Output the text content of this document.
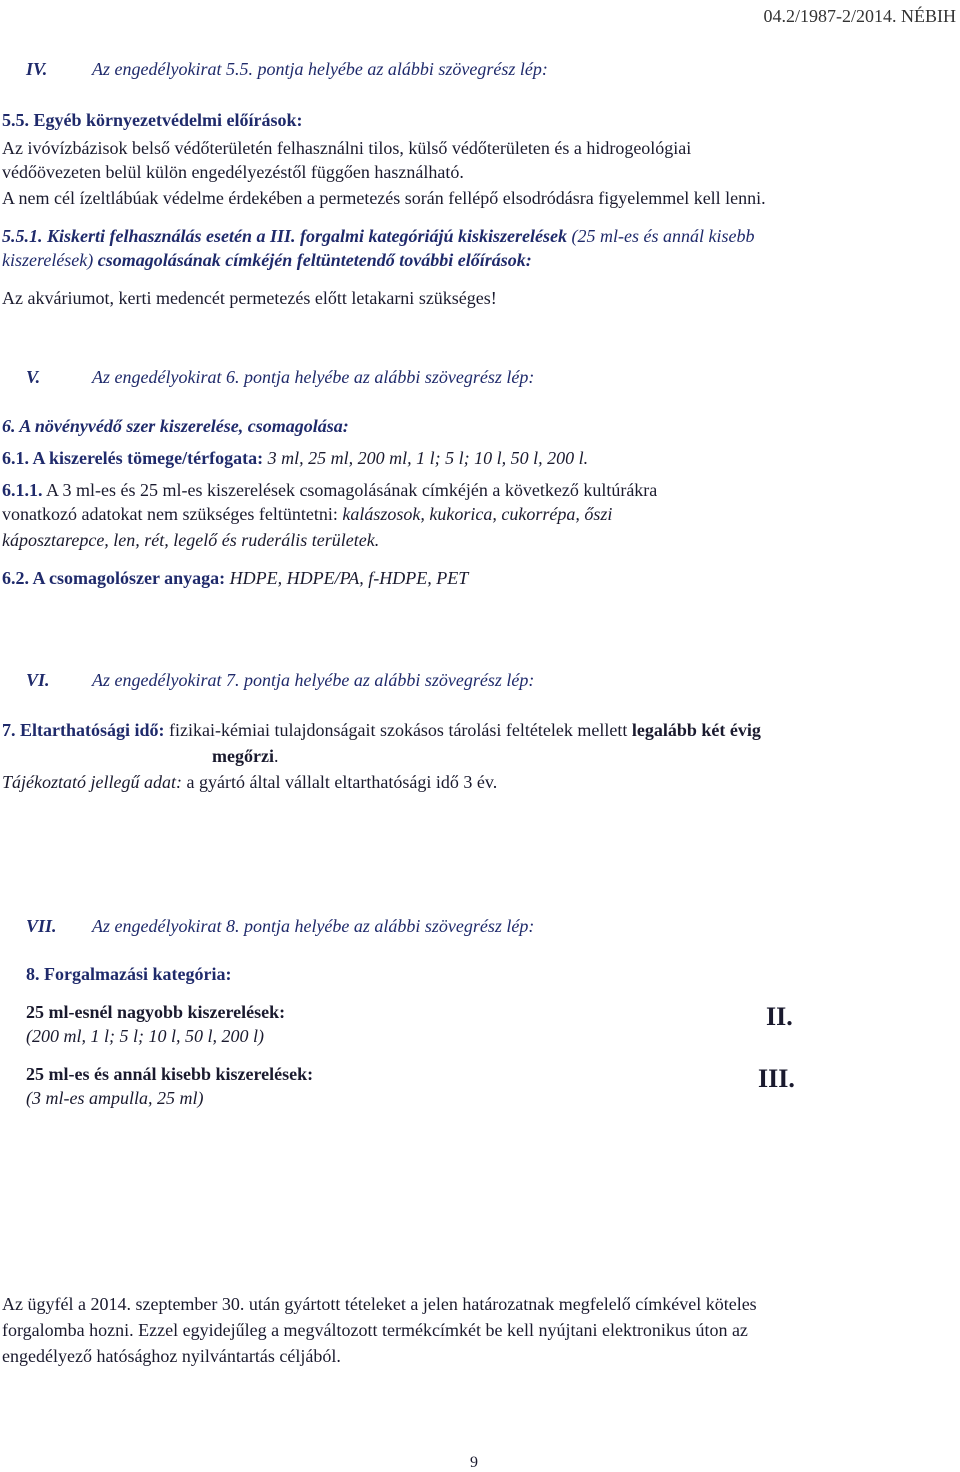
04.2/1987-2/2014. NÉBIH
IV. Az engedélyokirat 5.5. pontja helyébe az alábbi szövegrész lép:
5.5. Egyéb környezetvédelmi előírások:
Az ivóvízbázisok belső védőterületén felhasználni tilos, külső védőterületen és a hidrogeológiai
védőövezeten belül külön engedélyezéstől függően használható.
A nem cél ízeltlábúak védelme érdekében a permetezés során fellépő elsodródásra figyelemmel kell lenni.
5.5.1. Kiskerti felhasználás esetén a III. forgalmi kategóriájú kiskiszerelések (25 ml-es és annál kisebb
kiszerelések) csomagolásának címkéjén feltüntetendő további előírások:
Az akváriumot, kerti medencét permetezés előtt letakarni szükséges!
V.	Az engedélyokirat 6. pontja helyébe az alábbi szövegrész lép:
6. A növényvédő szer kiszerelése, csomagolása:
6.1. A kiszerelés tömege/térfogata: 3 ml, 25 ml, 200 ml, 1 l; 5 l; 10 l, 50 l, 200 l.
6.1.1. A 3 ml-es és 25 ml-es kiszerelések csomagolásának címkéjén a következő kultúrákra
vonatkozó adatokat nem szükséges feltüntetni: kalászosok, kukorica, cukorrépa, őszi
káposztarepce, len, rét, legelő és ruderális területek.
6.2. A csomagolószer anyaga: HDPE, HDPE/PA, f-HDPE, PET
VI. Az engedélyokirat 7. pontja helyébe az alábbi szövegrész lép:
7. Eltarthatósági idő: fizikai-kémiai tulajdonságait szokásos tárolási feltételek mellett legalább két évig
megőrzi.
Tájékoztató jellegű adat: a gyártó által vállalt eltarthatósági idő 3 év.
VII. Az engedélyokirat 8. pontja helyébe az alábbi szövegrész lép:
8. Forgalmazási kategória:
25 ml-esnél nagyobb kiszerelések:
(200 ml, 1 l; 5 l; 10 l, 50 l, 200 l)
II.
25 ml-es és annál kisebb kiszerelések:
(3 ml-es ampulla, 25 ml)
III.
Az ügyfél a 2014. szeptember 30. után gyártott tételeket a jelen határozatnak megfelelő címkével köteles
forgalomba hozni. Ezzel egyidejűleg a megváltozott termékcímkét be kell nyújtani elektronikus úton az
engedélyező hatósághoz nyilvántartás céljából.
9
